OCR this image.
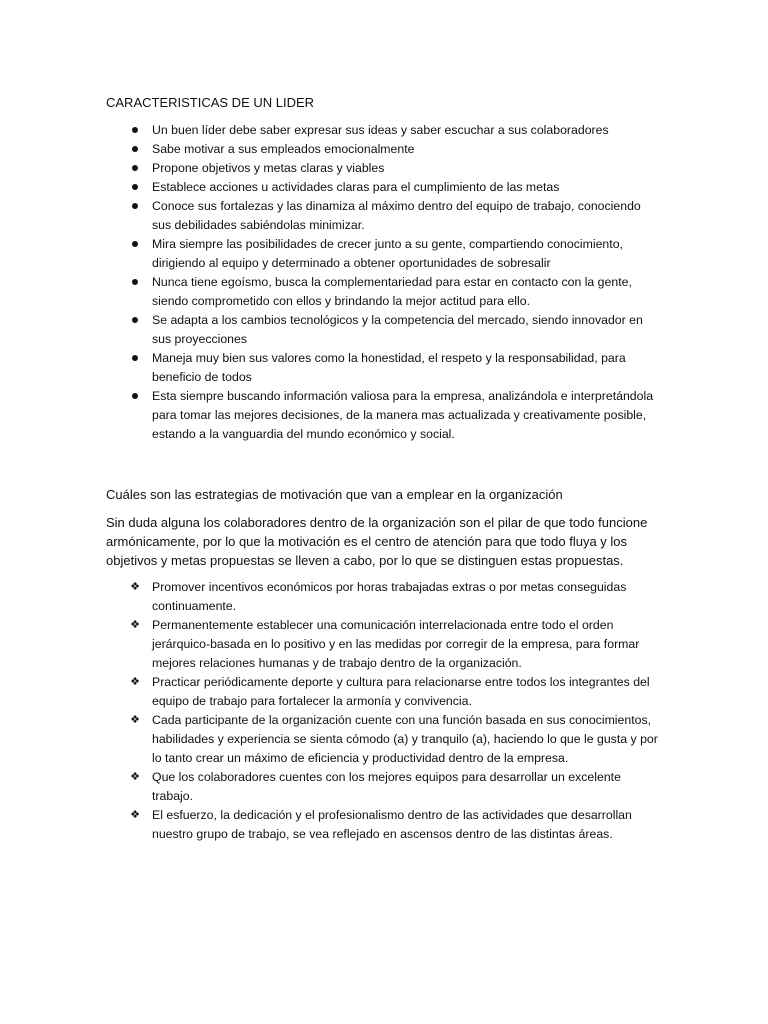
CARACTERISTICAS DE UN LIDER
Un buen líder debe saber expresar sus ideas y saber escuchar a sus colaboradores
Sabe motivar a sus empleados emocionalmente
Propone objetivos y metas claras y viables
Establece acciones u actividades claras para el cumplimiento de las metas
Conoce sus fortalezas y las dinamiza al máximo dentro del equipo de trabajo, conociendo sus debilidades sabiéndolas minimizar.
Mira siempre las posibilidades de crecer junto a su gente, compartiendo conocimiento, dirigiendo al equipo y determinado a obtener oportunidades de sobresalir
Nunca tiene egoísmo, busca la complementariedad para estar en contacto con la gente, siendo comprometido con ellos y brindando la mejor actitud para ello.
Se adapta a los cambios tecnológicos y la competencia del mercado, siendo innovador en sus proyecciones
Maneja muy bien sus valores como la honestidad, el respeto y la responsabilidad, para beneficio de todos
Esta siempre buscando información valiosa para la empresa, analizándola e interpretándola para tomar las mejores decisiones, de la manera mas actualizada y creativamente posible, estando a la vanguardia del mundo económico y social.
Cuáles son las estrategias de motivación que van a emplear en la organización

Sin duda alguna los colaboradores dentro de la organización son el pilar de que todo funcione armónicamente, por lo que la motivación es el centro de atención para que todo fluya y los objetivos y metas propuestas se lleven a cabo, por lo que se distinguen estas propuestas.

❖ Promover incentivos económicos por horas trabajadas extras o por metas conseguidas continuamente.
❖ Permanentemente establecer una comunicación interrelacionada entre todo el orden jerárquico-basada en lo positivo y en las medidas por corregir de la empresa, para formar mejores relaciones humanas y de trabajo dentro de la organización.
❖ Practicar periódicamente deporte y cultura para relacionarse entre todos los integrantes del equipo de trabajo para fortalecer la armonía y convivencia.
❖ Cada participante de la organización cuente con una función basada en sus conocimientos, habilidades y experiencia se sienta cómodo (a) y tranquilo (a), haciendo lo que le gusta y por lo tanto crear un máximo de eficiencia y productividad dentro de la empresa.
❖ Que los colaboradores cuentes con los mejores equipos para desarrollar un excelente trabajo.
❖ El esfuerzo, la dedicación y el profesionalismo dentro de las actividades que desarrollan nuestro grupo de trabajo, se vea reflejado en ascensos dentro de las distintas áreas.
